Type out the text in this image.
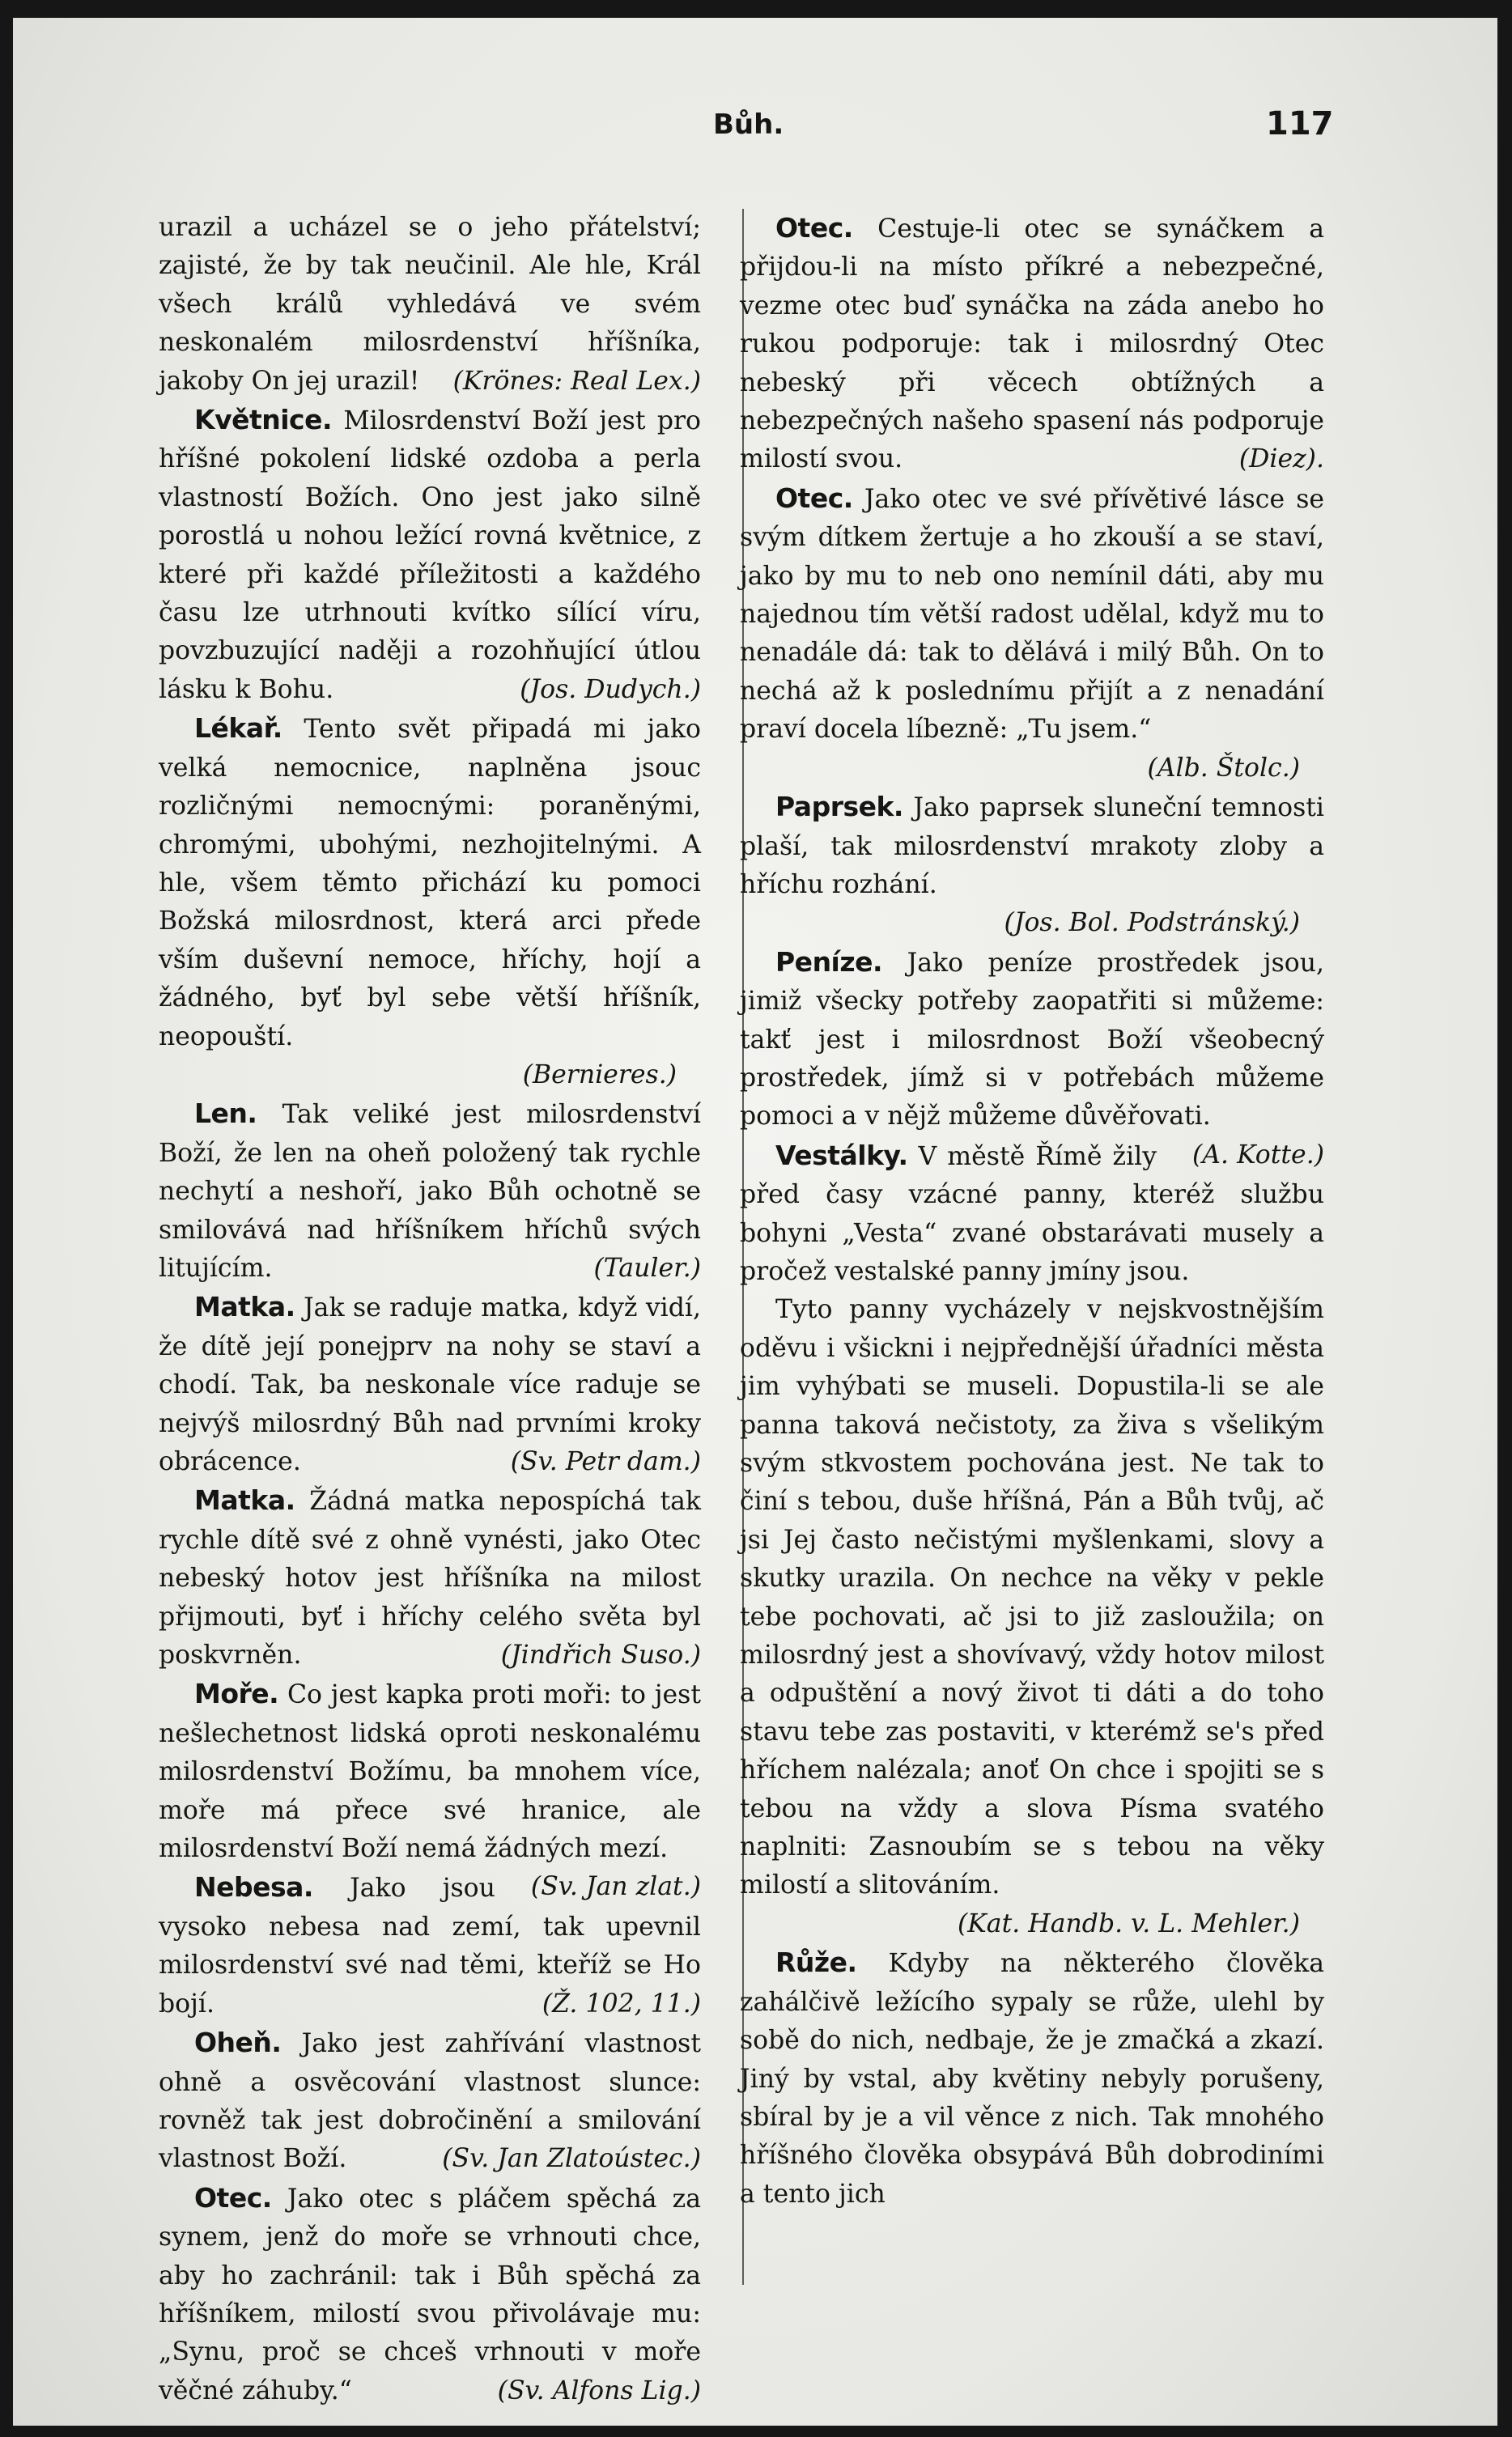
Bůh.	117

urazil a ucházel se o jeho přátelství; zajisté, že by tak neučinil. Ale hle, Král všech králů vyhledává ve svém neskonalém milosrdenství hříšníka, jakoby On jej urazil! (Krönes: Real Lex.)

Květnice. Milosrdenství Boží jest pro hříšné pokolení lidské ozdoba a perla vlastností Božích. Ono jest jako silně porostlá u nohou ležící rovná květnice, z které při každé příležitosti a každého času lze utrhnouti kvítko sílící víru, povzbuzující naději a rozohňující útlou lásku k Bohu.	(Jos. Dudych.)

Lékař. Tento svět připadá mi jako velká nemocnice, naplněna jsouc rozličnými nemocnými: poraněnými, chromými, ubohými, nezhojitelnými. A hle, všem těmto přichází ku pomoci Božská milosrdnost, která arci přede vším duševní nemoce, hříchy, hojí a žádného, byť byl sebe větší hříšník, neopouští.

(Bernieres.)

Len. Tak veliké jest milosrdenství Boží, že len na oheň položený tak rychle nechytí a neshoří, jako Bůh ochotně se smilovává nad hříšníkem hříchů svých litujícím.	(Tauler.)

Matka. Jak se raduje matka, když vidí, že dítě její ponejprv na nohy se staví a chodí. Tak, ba neskonale více raduje se nejvýš milosrdný Bůh nad prvními kroky obrácence.	(Sv. Petr dam.)

Matka. Žádná matka nepospíchá tak rychle dítě své z ohně vynésti, jako Otec nebeský hotov jest hříšníka na milost přijmouti, byť i hříchy celého světa byl poskvrněn.	(Jindřich Suso.)

Moře. Co jest kapka proti moři: to jest nešlechetnost lidská oproti neskonalému milosrdenství Božímu, ba mnohem více, moře má přece své hranice, ale milosrdenství Boží nemá žádných mezí.
(Sv. Jan zlat.)

Nebesa. Jako jsou vysoko nebesa nad zemí, tak upevnil milosrdenství své nad těmi, kteříž se Ho bojí.	(Ž. 102, 11.)

Oheň. Jako jest zahřívání vlastnost ohně a osvěcování vlastnost slunce: rovněž tak jest dobročinění a smilování vlastnost Boží.	(Sv. Jan Zlatoústec.)

Otec. Jako otec s pláčem spěchá za synem, jenž do moře se vrhnouti chce, aby ho zachránil: tak i Bůh spěchá za hříšníkem, milostí svou přivolávaje mu: „Synu, proč se chceš vrhnouti v moře věčné záhuby.“	(Sv. Alfons Lig.)

Otec. Cestuje-li otec se synáčkem a přijdou-li na místo příkré a nebezpečné, vezme otec buď synáčka na záda anebo ho rukou podporuje: tak i milosrdný Otec nebeský při věcech obtížných a nebezpečných našeho spasení nás podporuje milostí svou.	(Diez).

Otec. Jako otec ve své přívětivé lásce se svým dítkem žertuje a ho zkouší a se staví, jako by mu to neb ono nemínil dáti, aby mu najednou tím větší radost udělal, když mu to nenadále dá: tak to dělává i milý Bůh. On to nechá až k poslednímu přijít a z nenadání praví docela líbezně: „Tu jsem.“

(Alb. Štolc.)

Paprsek. Jako paprsek sluneční temnosti plaší, tak milosrdenství mrakoty zloby a hříchu rozhání.

(Jos. Bol. Podstránský.)

Peníze. Jako peníze prostředek jsou, jimiž všecky potřeby zaopatřiti si můžeme: takť jest i milosrdnost Boží všeobecný prostředek, jímž si v potřebách můžeme pomoci a v nějž můžeme důvěřovati.
(A. Kotte.)

Vestálky. V městě Římě žily před časy vzácné panny, kteréž službu bohyni „Vesta“ zvané obstarávati musely a pročež vestalské panny jmíny jsou.

Tyto panny vycházely v nejskvostnějším oděvu i všickni i nejpřednější úřadníci města jim vyhýbati se museli. Dopustila-li se ale panna taková nečistoty, za živa s všelikým svým stkvostem pochována jest. Ne tak to činí s tebou, duše hříšná, Pán a Bůh tvůj, ač jsi Jej často nečistými myšlenkami, slovy a skutky urazila. On nechce na věky v pekle tebe pochovati, ač jsi to již zasloužila; on milosrdný jest a shovívavý, vždy hotov milost a odpuštění a nový život ti dáti a do toho stavu tebe zas postaviti, v kterémž se's před hříchem nalézala; anoť On chce i spojiti se s tebou na vždy a slova Písma svatého naplniti: Zasnoubím se s tebou na věky milostí a slitováním.

(Kat. Handb. v. L. Mehler.)

Růže. Kdyby na některého člověka zahálčivě ležícího sypaly se růže, ulehl by sobě do nich, nedbaje, že je zmačká a zkazí. Jiný by vstal, aby květiny nebyly porušeny, sbíral by je a vil věnce z nich. Tak mnohého hříšného člověka obsypává Bůh dobrodiními a tento jich
